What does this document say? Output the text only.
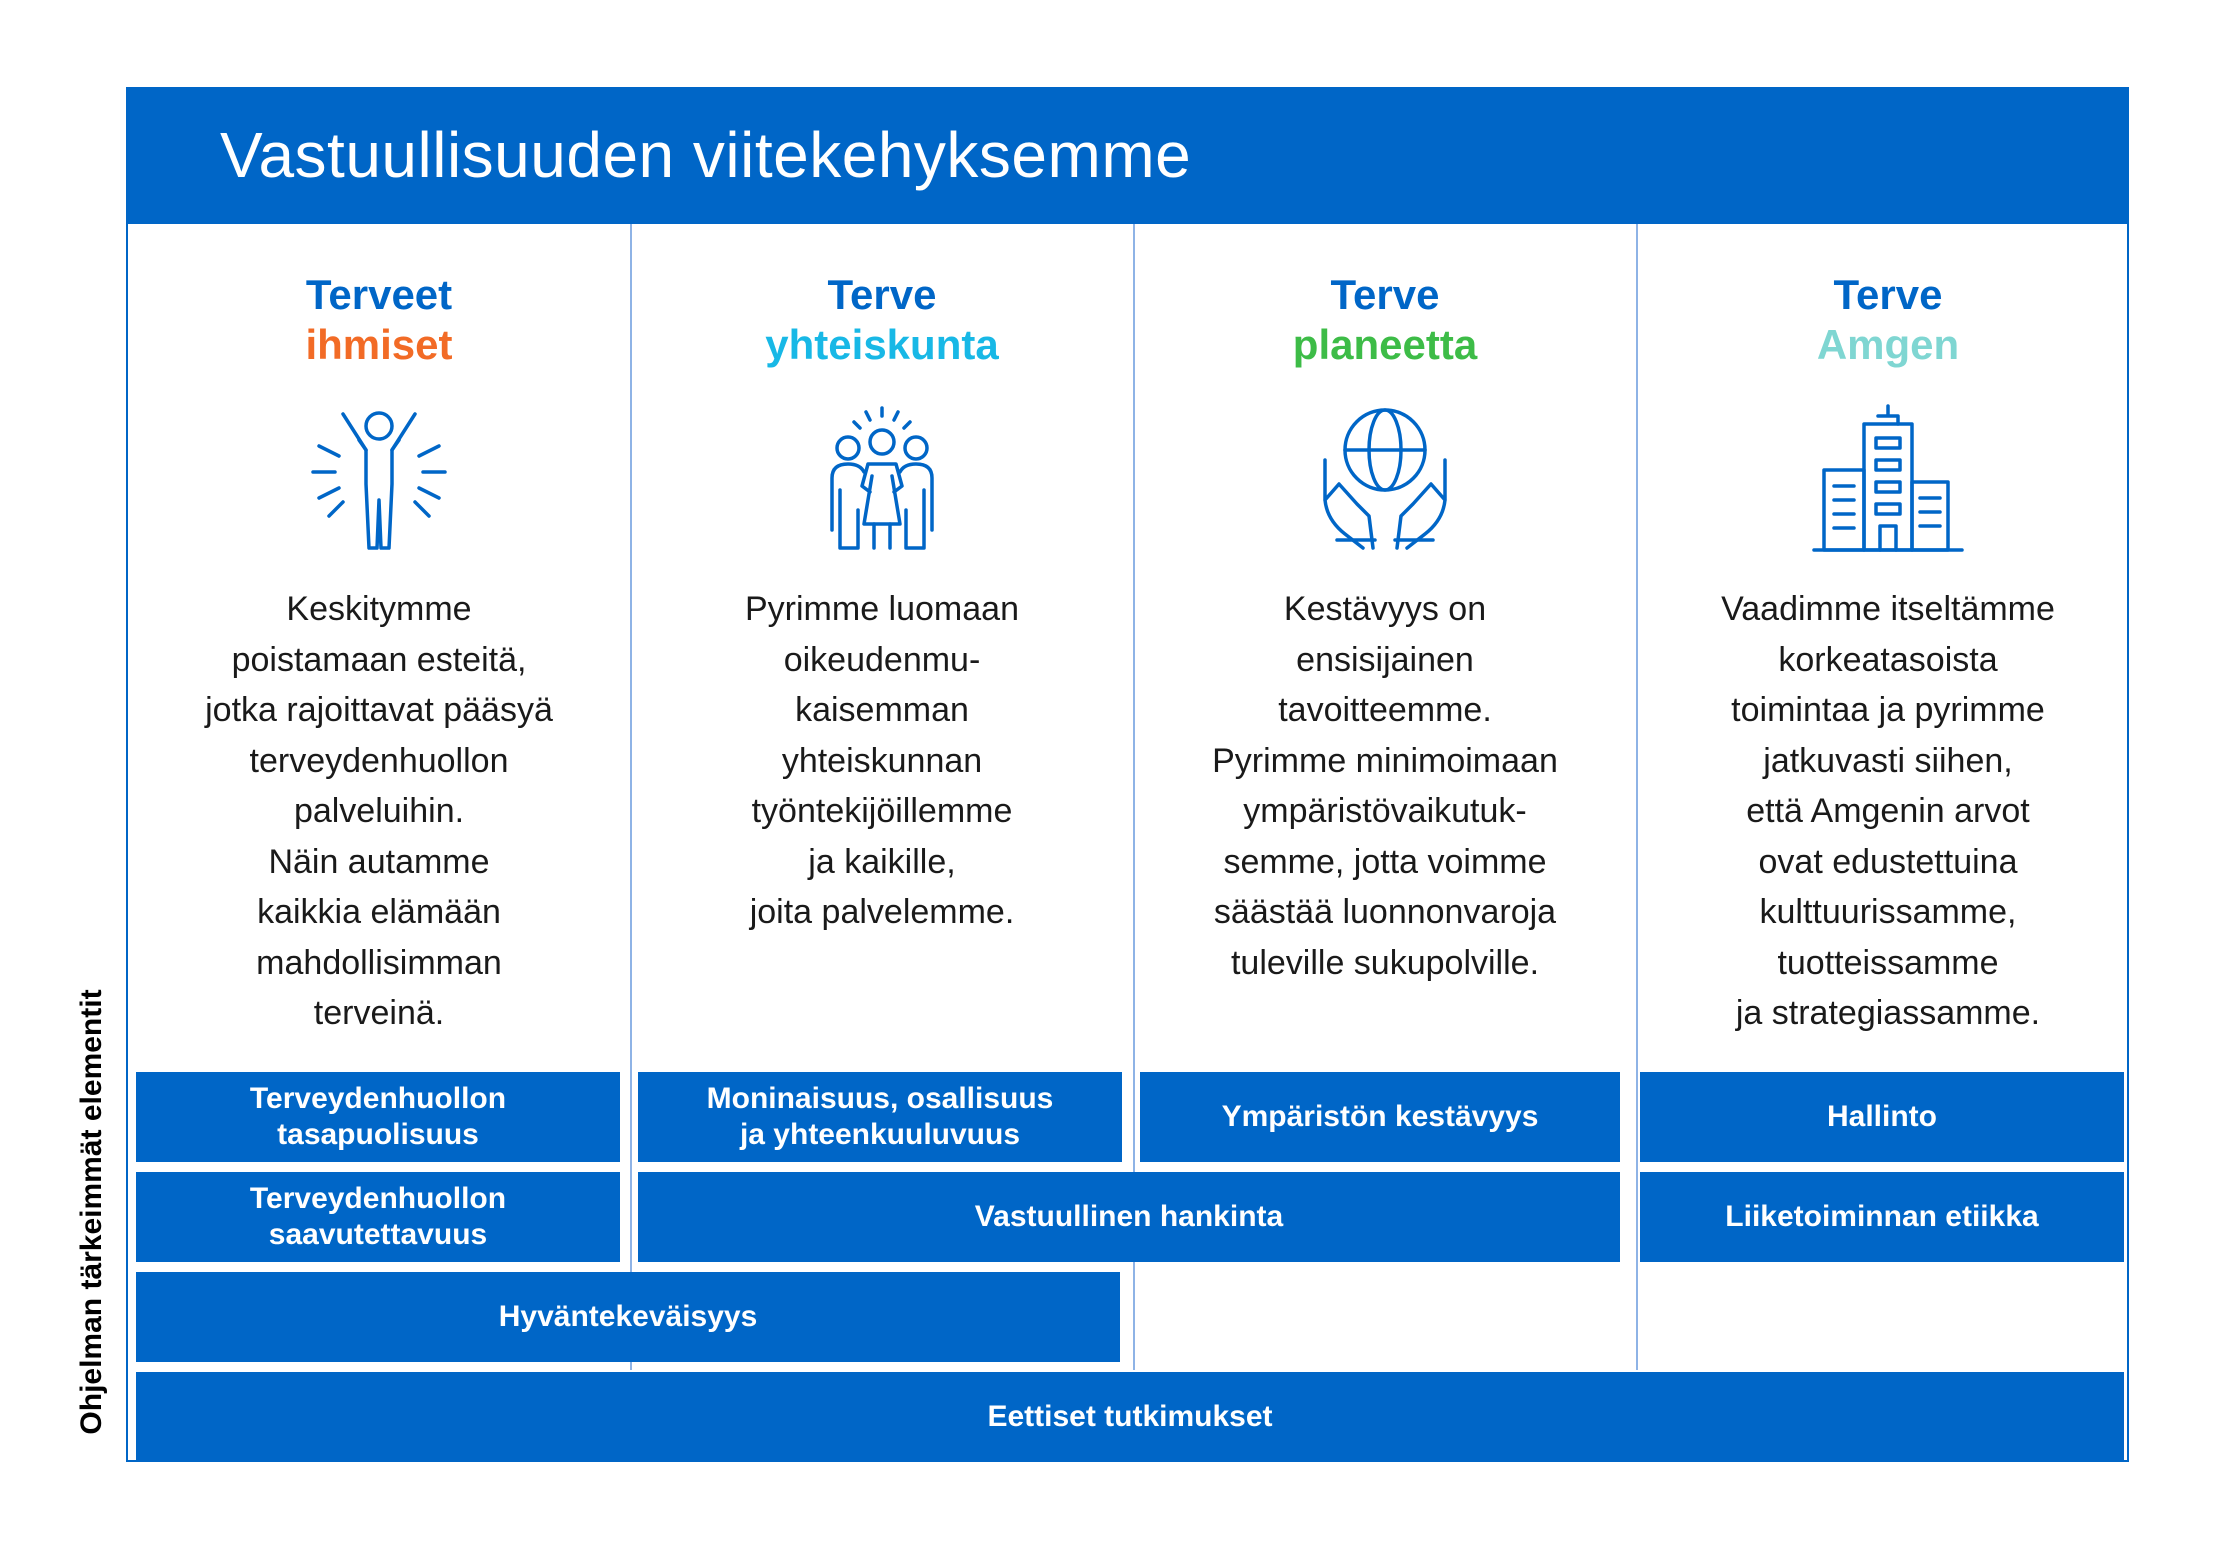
Vastuullisuuden viitekehyksemme
Terveet
ihmiset
Keskitymme
poistamaan esteitä,
jotka rajoittavat pääsyä
terveydenhuollon
palveluihin.
Näin autamme
kaikkia elämään
mahdollisimman
terveinä.
Terve
yhteiskunta
Pyrimme luomaan
oikeudenmu-
kaisemman
yhteiskunnan
työntekijöillemme
ja kaikille,
joita palvelemme.
Terve
planeetta
Kestävyys on
ensisijainen
tavoitteemme.
Pyrimme minimoimaan
ympäristövaikutuk-
semme, jotta voimme
säästää luonnonvaroja
tuleville sukupolville.
Terve
Amgen
Vaadimme itseltämme
korkeatasoista
toimintaa ja pyrimme
jatkuvasti siihen,
että Amgenin arvot
ovat edustettuina
kulttuurissamme,
tuotteissamme
ja strategiassamme.
Terveydenhuollon
tasapuolisuus
Moninaisuus, osallisuus
ja yhteenkuuluvuus
Ympäristön kestävyys	Hallinto
Terveydenhuollon
saavutettavuus
Vastuullinen hankinta	Liiketoiminnan etiikka
Hyväntekeväisyys
Eettiset tutkimukset
Ohjelman tärkeimmät elementit
